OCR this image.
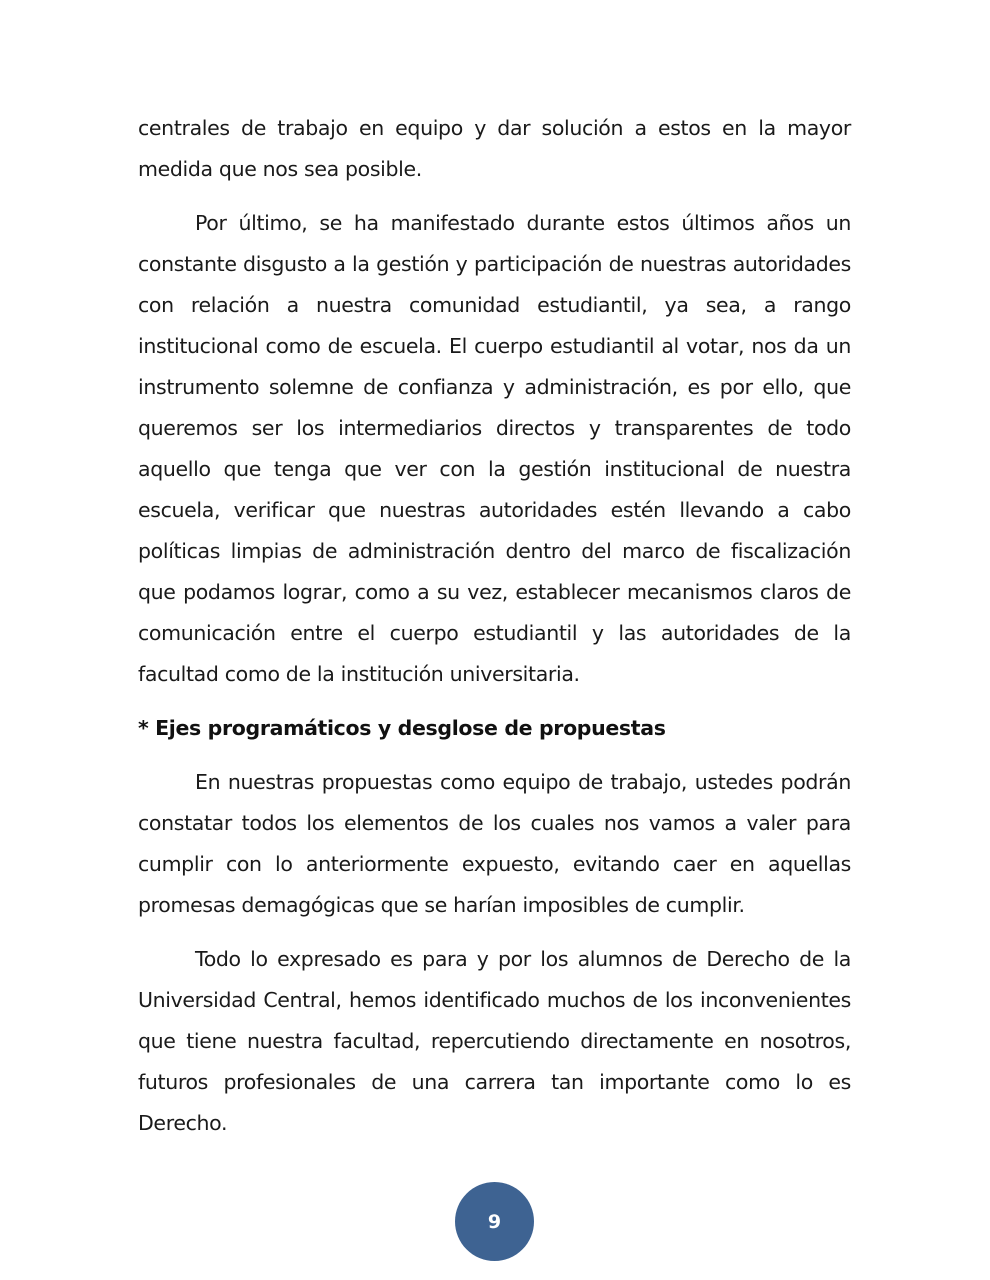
centrales de trabajo en equipo y dar solución a estos en la mayor medida que nos sea posible.

Por último, se ha manifestado durante estos últimos años un constante disgusto a la gestión y participación de nuestras autoridades con relación a nuestra comunidad estudiantil, ya sea, a rango institucional como de escuela. El cuerpo estudiantil al votar, nos da un instrumento solemne de confianza y administración, es por ello, que queremos ser los intermediarios directos y transparentes de todo aquello que tenga que ver con la gestión institucional de nuestra escuela, verificar que nuestras autoridades estén llevando a cabo políticas limpias de administración dentro del marco de fiscalización que podamos lograr, como a su vez, establecer mecanismos claros de comunicación entre el cuerpo estudiantil y las autoridades de la facultad como de la institución universitaria.

* Ejes programáticos y desglose de propuestas

En nuestras propuestas como equipo de trabajo, ustedes podrán constatar todos los elementos de los cuales nos vamos a valer para cumplir con lo anteriormente expuesto, evitando caer en aquellas promesas demagógicas que se harían imposibles de cumplir.

Todo lo expresado es para y por los alumnos de Derecho de la Universidad Central, hemos identificado muchos de los inconvenientes que tiene nuestra facultad, repercutiendo directamente en nosotros, futuros profesionales de una carrera tan importante como lo es Derecho.

9
